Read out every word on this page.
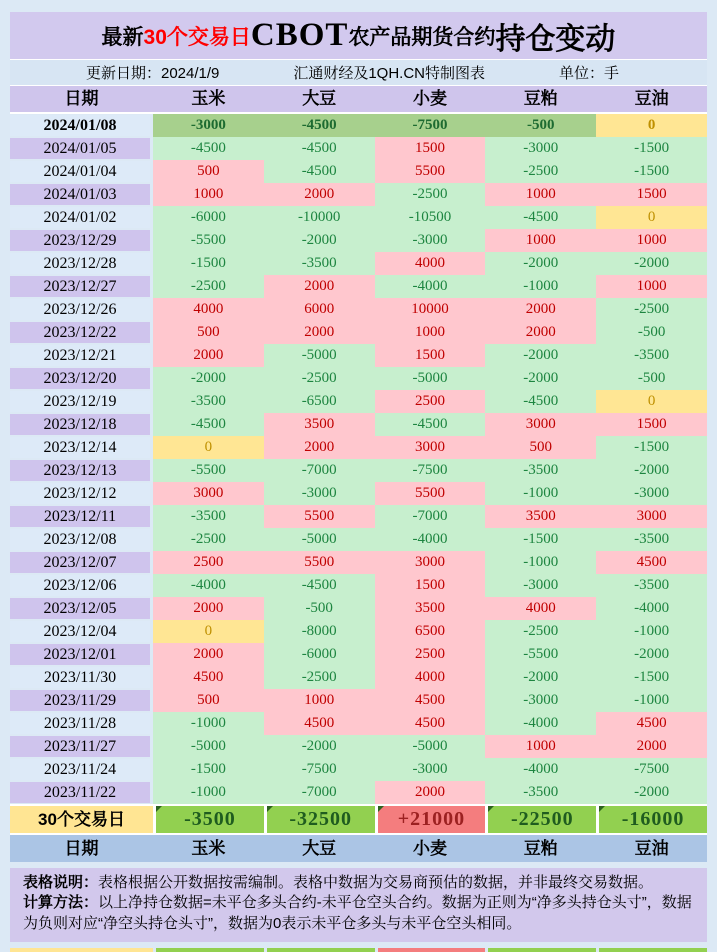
最新 30个交易日 CBOT 农产品期货合约 持仓变动
更新日期：2024/1/9	汇通财经及1QH.CN特制图表	单位：手
日期	玉米	大豆	小麦	豆粕	豆油
2024/01/08	-3000	-4500	-7500	-500	0
2024/01/05	-4500	-4500	1500	-3000	-1500
2024/01/04	500	-4500	5500	-2500	-1500
2024/01/03	1000	2000	-2500	1000	1500
2024/01/02	-6000	-10000	-10500	-4500	0
2023/12/29	-5500	-2000	-3000	1000	1000
2023/12/28	-1500	-3500	4000	-2000	-2000
2023/12/27	-2500	2000	-4000	-1000	1000
2023/12/26	4000	6000	10000	2000	-2500
2023/12/22	500	2000	1000	2000	-500
2023/12/21	2000	-5000	1500	-2000	-3500
2023/12/20	-2000	-2500	-5000	-2000	-500
2023/12/19	-3500	-6500	2500	-4500	0
2023/12/18	-4500	3500	-4500	3000	1500
2023/12/14	0	2000	3000	500	-1500
2023/12/13	-5500	-7000	-7500	-3500	-2000
2023/12/12	3000	-3000	5500	-1000	-3000
2023/12/11	-3500	5500	-7000	3500	3000
2023/12/08	-2500	-5000	-4000	-1500	-3500
2023/12/07	2500	5500	3000	-1000	4500
2023/12/06	-4000	-4500	1500	-3000	-3500
2023/12/05	2000	-500	3500	4000	-4000
2023/12/04	0	-8000	6500	-2500	-1000
2023/12/01	2000	-6000	2500	-5500	-2000
2023/11/30	4500	-2500	4000	-2000	-1500
2023/11/29	500	1000	4500	-3000	-1000
2023/11/28	-1000	4500	4500	-4000	4500
2023/11/27	-5000	-2000	-5000	1000	2000
2023/11/24	-1500	-7500	-3000	-4000	-7500
2023/11/22	-1000	-7000	2000	-3500	-2000
30个交易日	-3500	-32500	+21000	-22500	-16000
日期	玉米	大豆	小麦	豆粕	豆油

表格说明：表格根据公开数据按需编制。表格中数据为交易商预估的数据，并非最终交易数据。

计算方法：以上净持仓数据=未平仓多头合约-未平仓空头合约。数据为正则为“净多头持仓头寸”，数据为负则对应“净空头持仓头寸”，数据为0表示未平仓多头与未平仓空头相同。
